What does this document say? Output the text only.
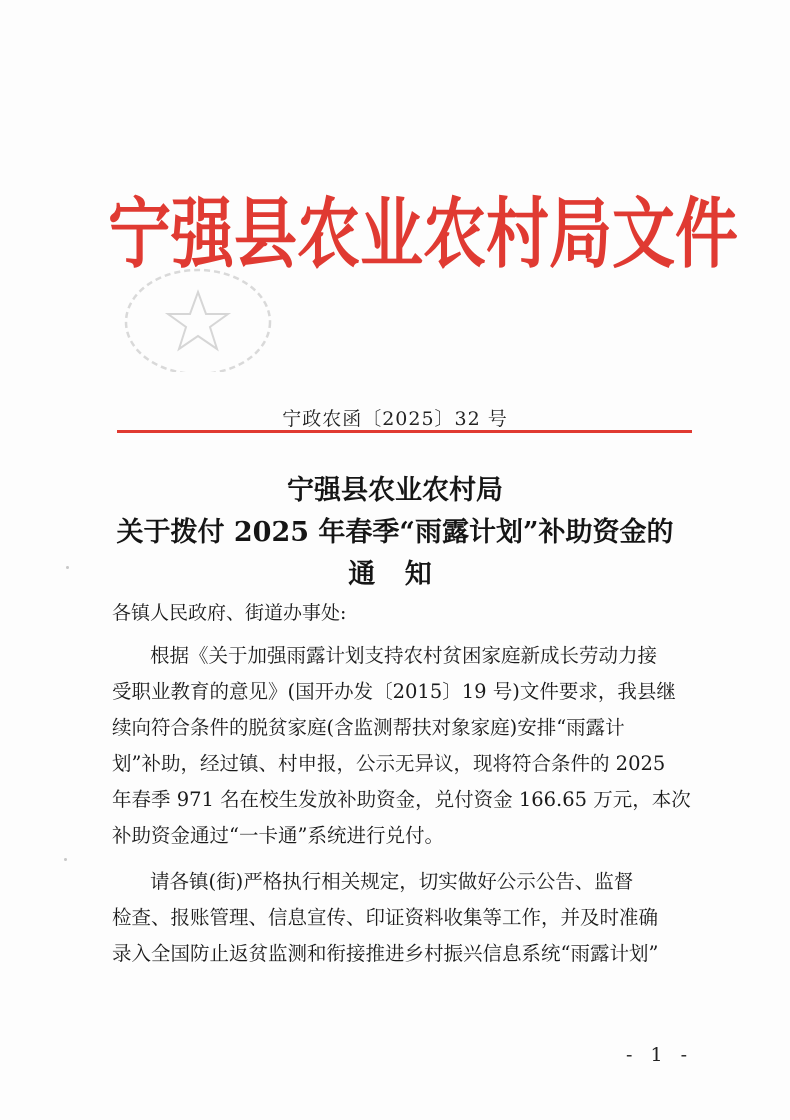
宁强县农业农村局文件
宁政农函〔2025〕32 号
宁强县农业农村局
关于拨付 2025 年春季“雨露计划”补助资金的
通 知
各镇人民政府、街道办事处:
根据《关于加强雨露计划支持农村贫困家庭新成长劳动力接
受职业教育的意见》(国开办发〔2015〕19 号)文件要求，我县继
续向符合条件的脱贫家庭(含监测帮扶对象家庭)安排“雨露计
划”补助，经过镇、村申报，公示无异议，现将符合条件的 2025
年春季 971 名在校生发放补助资金，兑付资金 166.65 万元，本次
补助资金通过“一卡通”系统进行兑付。
请各镇(街)严格执行相关规定，切实做好公示公告、监督
检查、报账管理、信息宣传、印证资料收集等工作，并及时准确
录入全国防止返贫监测和衔接推进乡村振兴信息系统“雨露计划”
- 1 -
